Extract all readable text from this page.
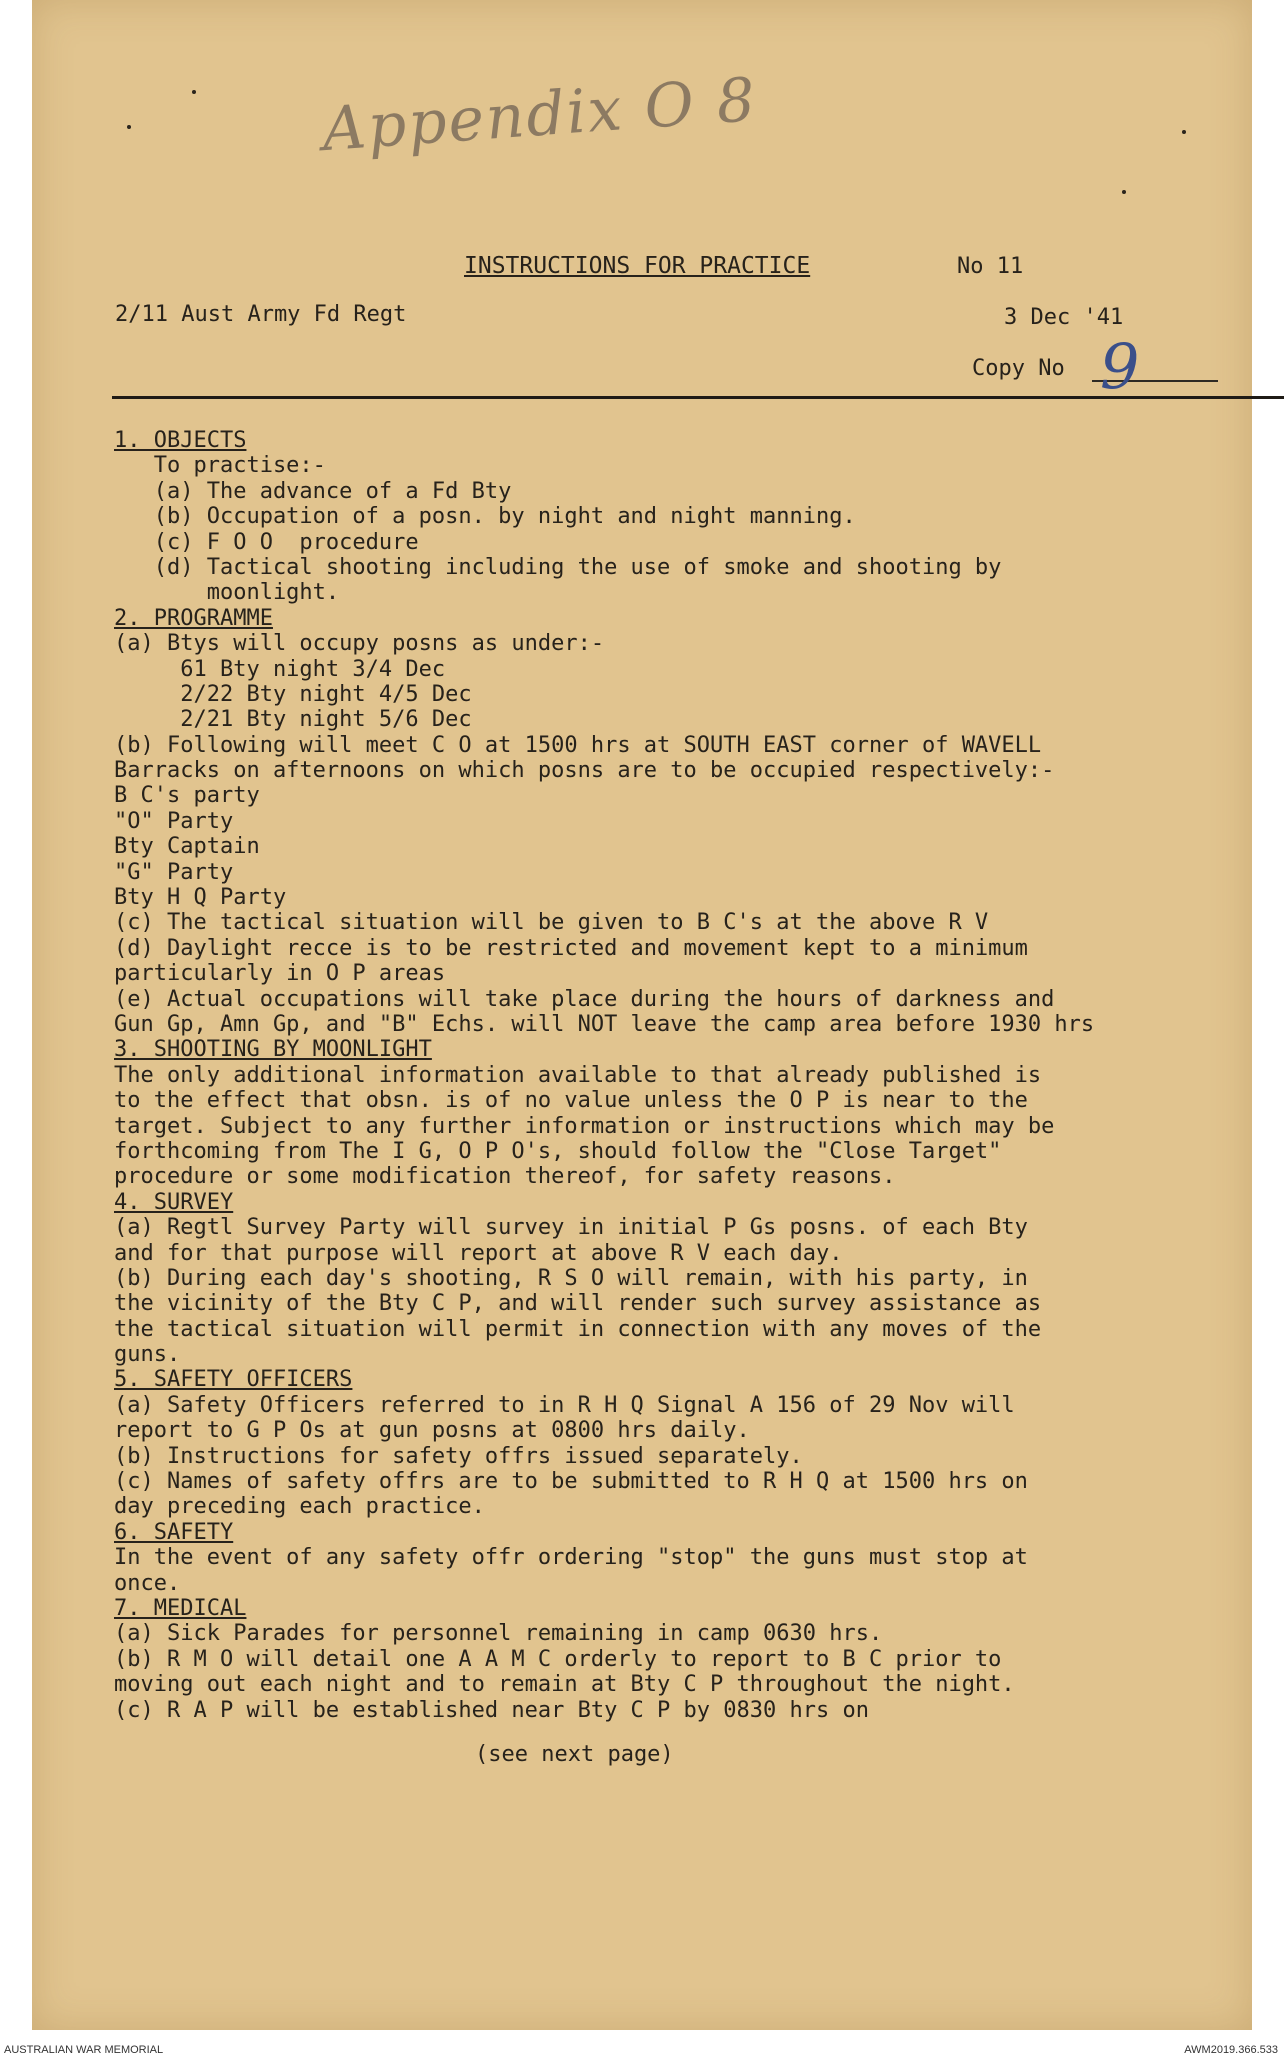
Appendix O 8
INSTRUCTIONS FOR PRACTICE	No 11
2/11 Aust Army Fd Regt	3 Dec '41
Copy No 9
1. OBJECTS
To practise:-
(a) The advance of a Fd Bty
(b) Occupation of a posn. by night and night manning.
(c) F O O  procedure
(d) Tactical shooting including the use of smoke and shooting by
moonlight.
2. PROGRAMME
(a) Btys will occupy posns as under:-
61 Bty night 3/4 Dec
2/22 Bty night 4/5 Dec
2/21 Bty night 5/6 Dec
(b) Following will meet C O at 1500 hrs at SOUTH EAST corner of WAVELL
Barracks on afternoons on which posns are to be occupied respectively:-
B C's party
"O" Party
Bty Captain
"G" Party
Bty H Q Party
(c) The tactical situation will be given to B C's at the above R V
(d) Daylight recce is to be restricted and movement kept to a minimum
particularly in O P areas
(e) Actual occupations will take place during the hours of darkness and
Gun Gp, Amn Gp, and "B" Echs. will NOT leave the camp area before 1930 hrs
3. SHOOTING BY MOONLIGHT
The only additional information available to that already published is
to the effect that obsn. is of no value unless the O P is near to the
target. Subject to any further information or instructions which may be
forthcoming from The I G, O P O's, should follow the "Close Target"
procedure or some modification thereof, for safety reasons.
4. SURVEY
(a) Regtl Survey Party will survey in initial P Gs posns. of each Bty
and for that purpose will report at above R V each day.
(b) During each day's shooting, R S O will remain, with his party, in
the vicinity of the Bty C P, and will render such survey assistance as
the tactical situation will permit in connection with any moves of the
guns.
5. SAFETY OFFICERS
(a) Safety Officers referred to in R H Q Signal A 156 of 29 Nov will
report to G P Os at gun posns at 0800 hrs daily.
(b) Instructions for safety offrs issued separately.
(c) Names of safety offrs are to be submitted to R H Q at 1500 hrs on
day preceding each practice.
6. SAFETY
In the event of any safety offr ordering "stop" the guns must stop at
once.
7. MEDICAL
(a) Sick Parades for personnel remaining in camp 0630 hrs.
(b) R M O will detail one A A M C orderly to report to B C prior to
moving out each night and to remain at Bty C P throughout the night.
(c) R A P will be established near Bty C P by 0830 hrs on
(see next page)
AUSTRALIAN WAR MEMORIAL	AWM2019.366.533
